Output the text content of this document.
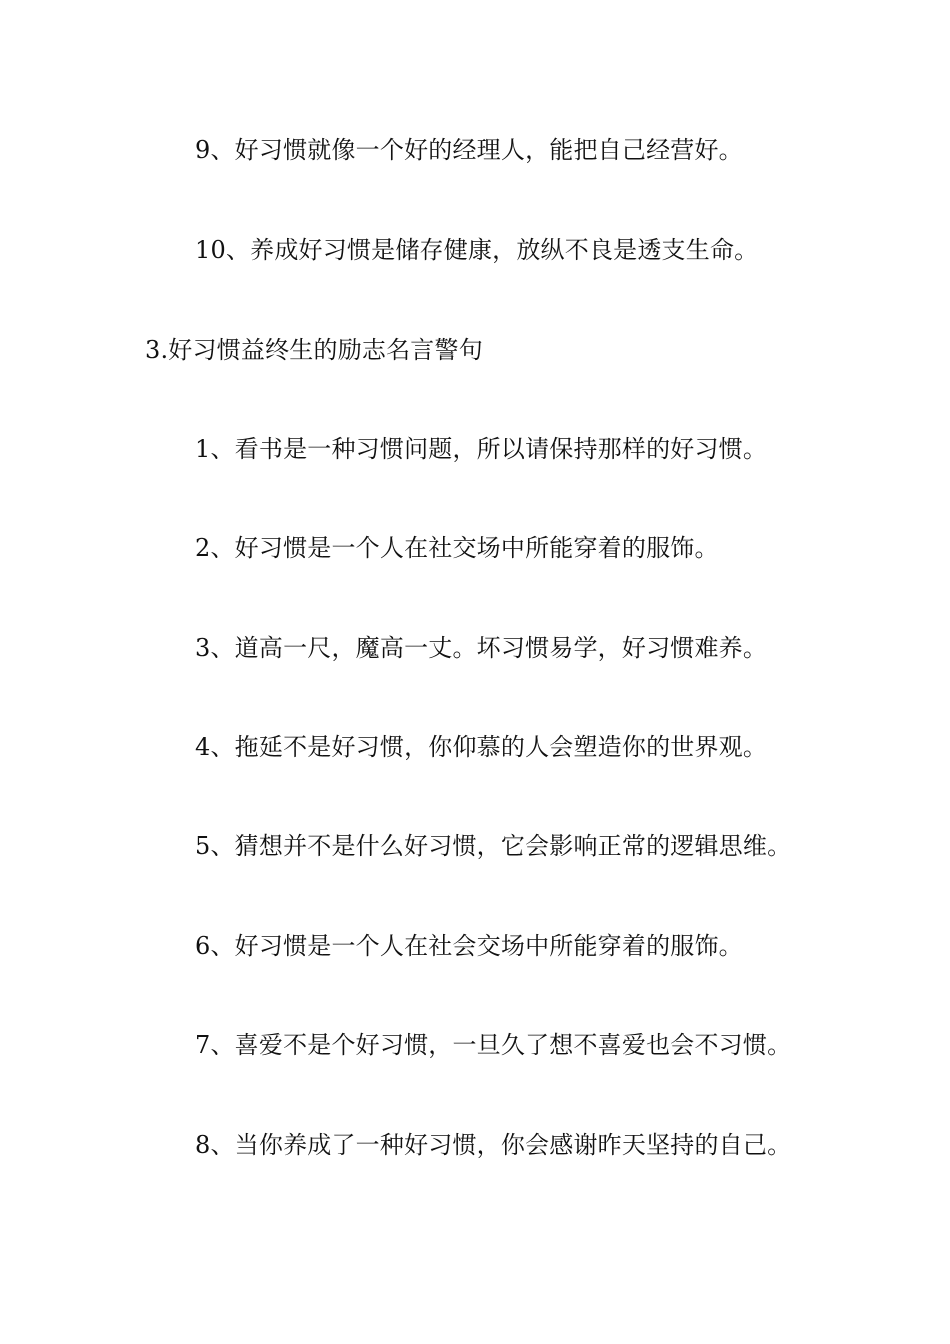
9、好习惯就像一个好的经理人，能把自己经营好。

10、养成好习惯是储存健康，放纵不良是透支生命。

3.好习惯益终生的励志名言警句

1、看书是一种习惯问题，所以请保持那样的好习惯。

2、好习惯是一个人在社交场中所能穿着的服饰。

3、道高一尺，魔高一丈。坏习惯易学，好习惯难养。

4、拖延不是好习惯，你仰慕的人会塑造你的世界观。

5、猜想并不是什么好习惯，它会影响正常的逻辑思维。

6、好习惯是一个人在社会交场中所能穿着的服饰。

7、喜爱不是个好习惯，一旦久了想不喜爱也会不习惯。

8、当你养成了一种好习惯，你会感谢昨天坚持的自己。
